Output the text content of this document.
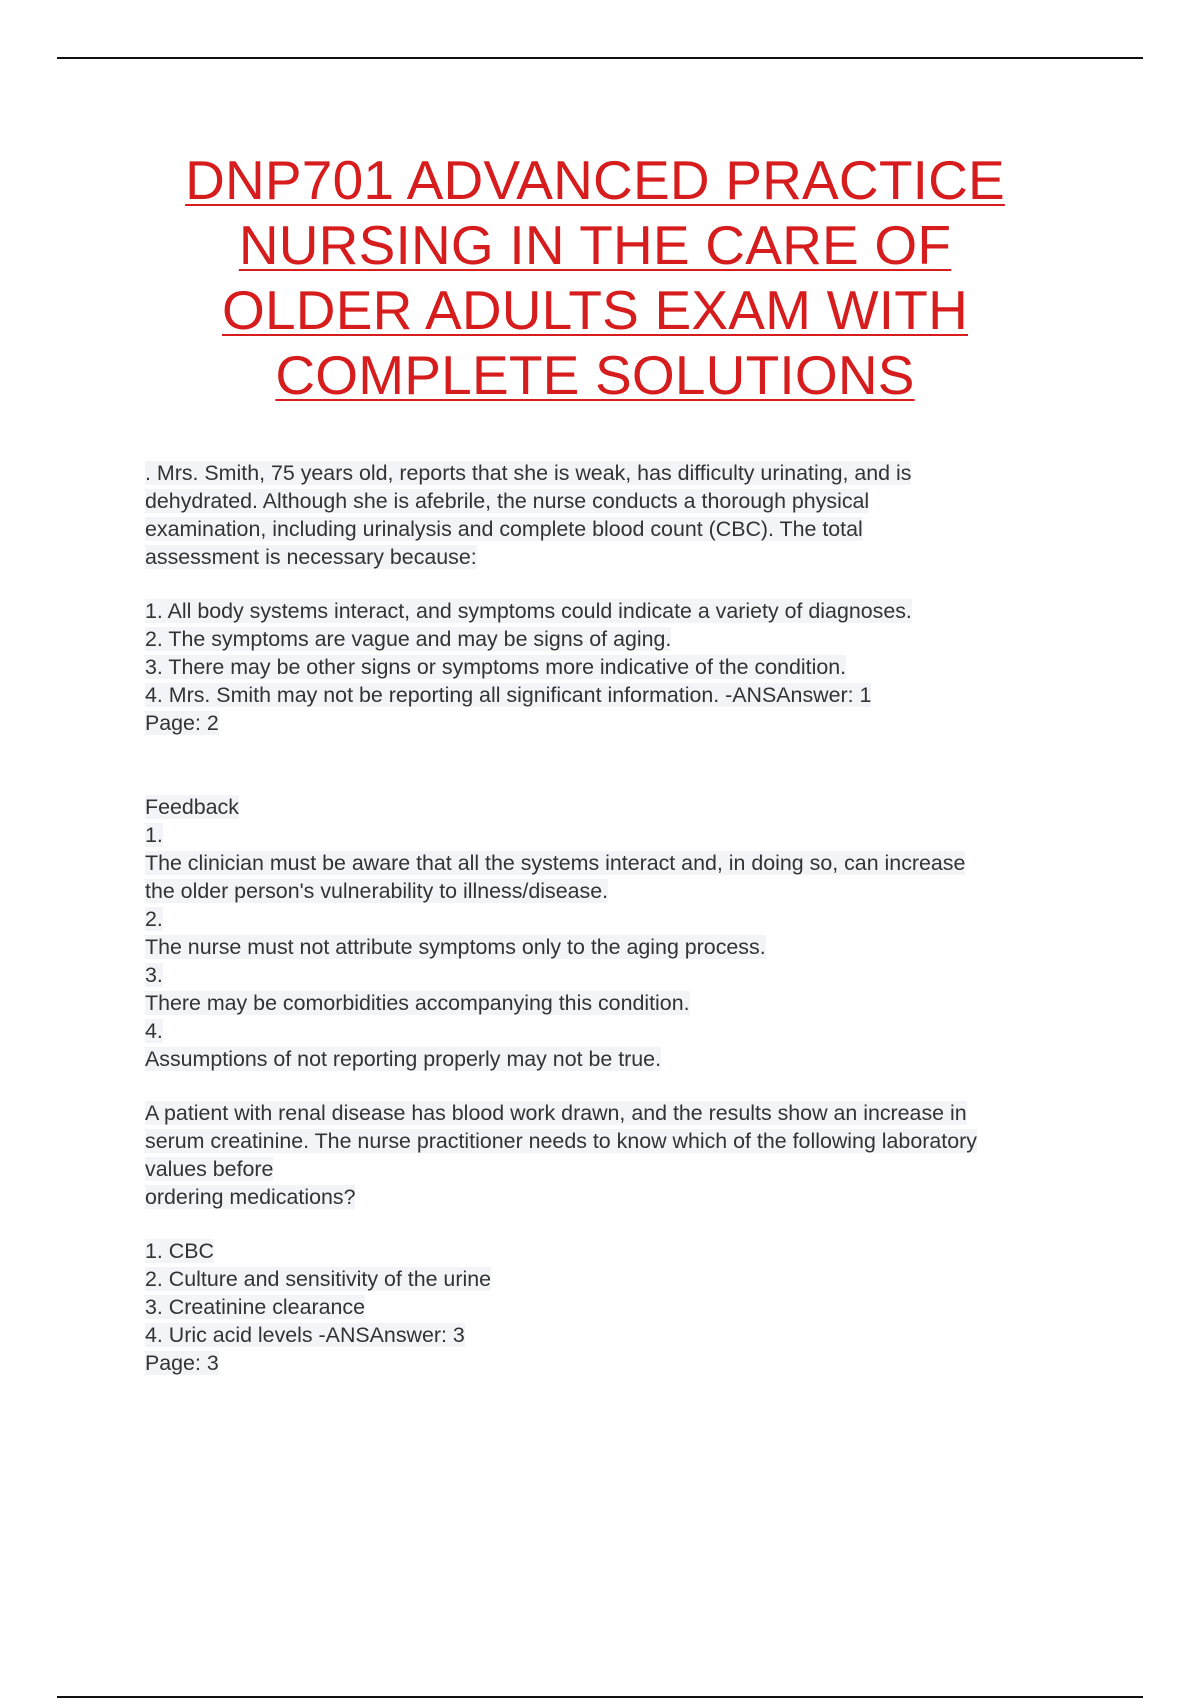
DNP701 ADVANCED PRACTICE
NURSING IN THE CARE OF
OLDER ADULTS EXAM WITH
COMPLETE SOLUTIONS
. Mrs. Smith, 75 years old, reports that she is weak, has difficulty urinating, and is
dehydrated. Although she is afebrile, the nurse conducts a thorough physical
examination, including urinalysis and complete blood count (CBC). The total
assessment is necessary because:
1. All body systems interact, and symptoms could indicate a variety of diagnoses.
2. The symptoms are vague and may be signs of aging.
3. There may be other signs or symptoms more indicative of the condition.
4. Mrs. Smith may not be reporting all significant information. -ANSAnswer: 1
Page: 2
Feedback
1.
The clinician must be aware that all the systems interact and, in doing so, can increase
the older person's vulnerability to illness/disease.
2.
The nurse must not attribute symptoms only to the aging process.
3.
There may be comorbidities accompanying this condition.
4.
Assumptions of not reporting properly may not be true.
A patient with renal disease has blood work drawn, and the results show an increase in
serum creatinine. The nurse practitioner needs to know which of the following laboratory
values before
ordering medications?
1. CBC
2. Culture and sensitivity of the urine
3. Creatinine clearance
4. Uric acid levels -ANSAnswer: 3
Page: 3
